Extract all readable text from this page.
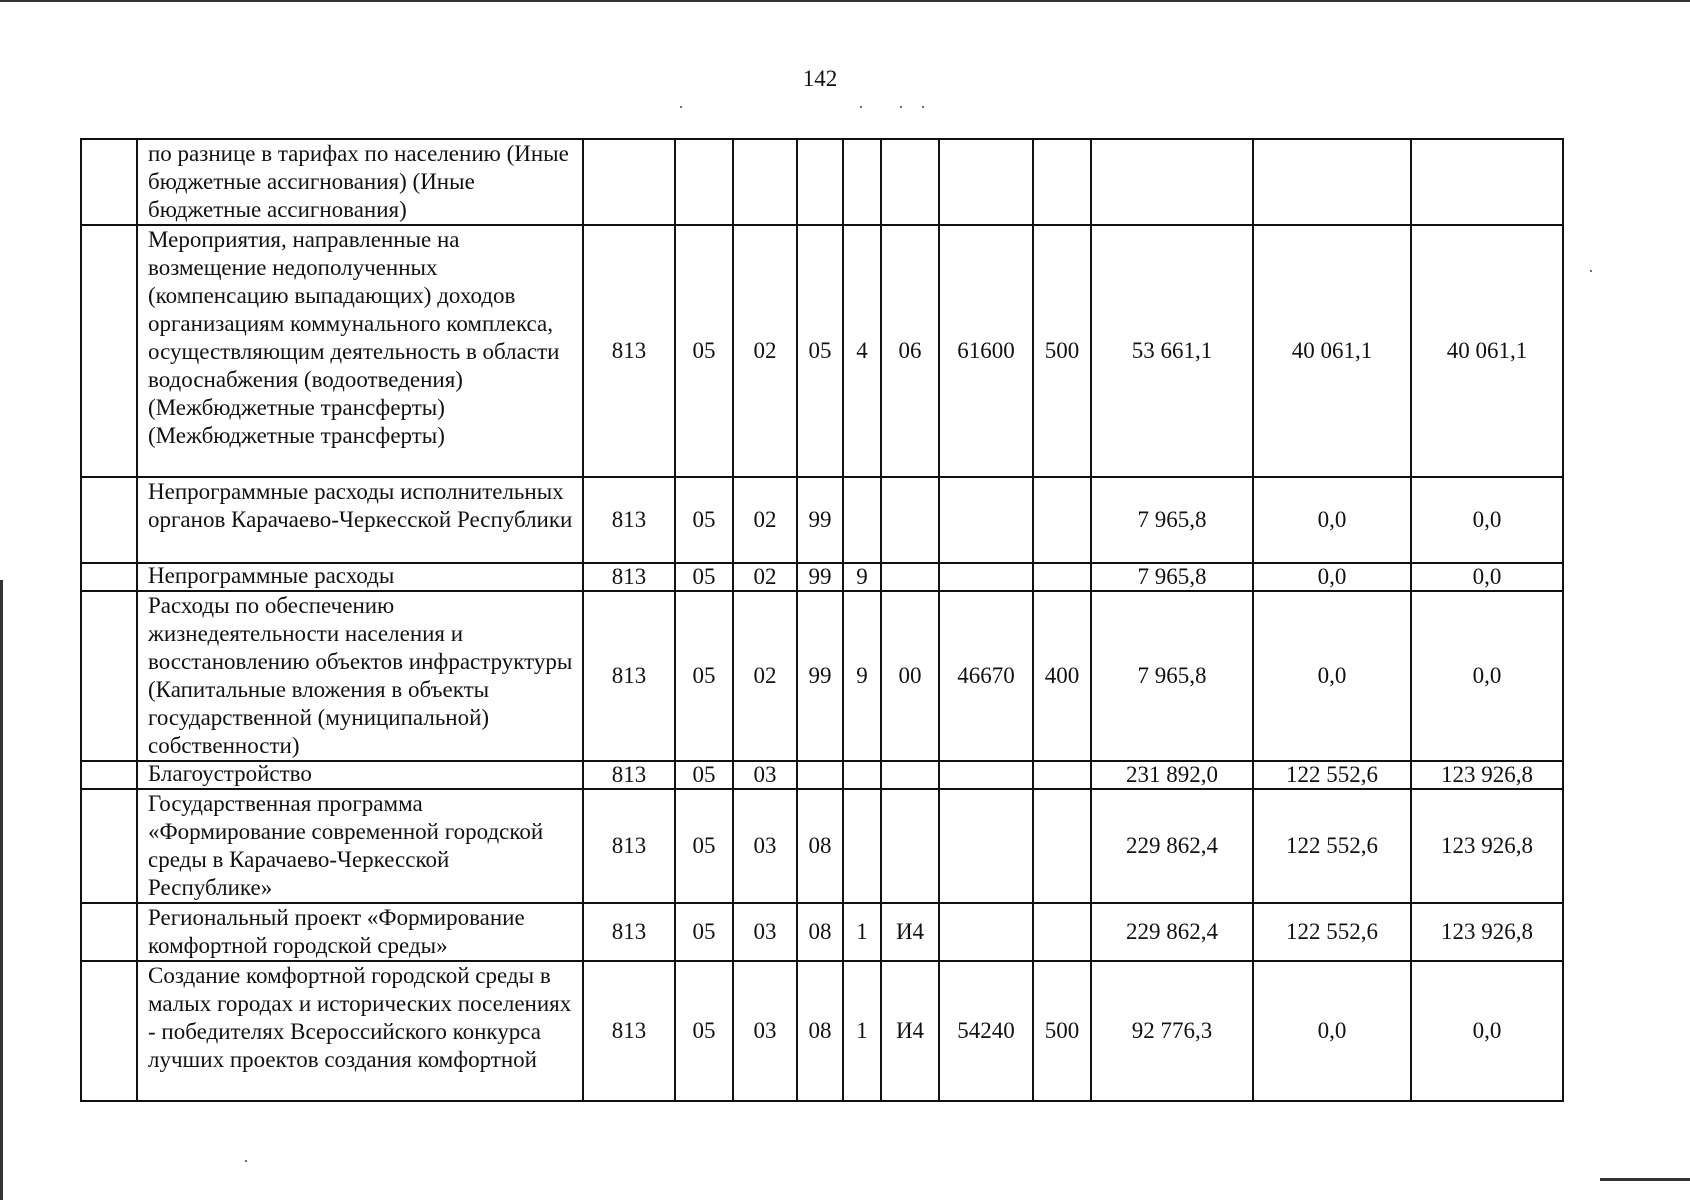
142
	по разнице в тарифах по населению (Иные бюджетные ассигнования) (Иные бюджетные ассигнования)											
	Мероприятия, направленные на возмещение недополученных (компенсацию выпадающих) доходов организациям коммунального комплекса, осуществляющим деятельность в области водоснабжения (водоотведения) (Межбюджетные трансферты) (Межбюджетные трансферты)	813	05	02	05	4	06	61600	500	53 661,1	40 061,1	40 061,1
	Непрограммные расходы исполнительных органов Карачаево-Черкесской Республики	813	05	02	99					7 965,8	0,0	0,0
	Непрограммные расходы	813	05	02	99	9				7 965,8	0,0	0,0
	Расходы по обеспечению жизнедеятельности населения и восстановлению объектов инфраструктуры (Капитальные вложения в объекты государственной (муниципальной) собственности)	813	05	02	99	9	00	46670	400	7 965,8	0,0	0,0
	Благоустройство	813	05	03						231 892,0	122 552,6	123 926,8
	Государственная программа «Формирование современной городской среды в Карачаево-Черкесской Республике»	813	05	03	08					229 862,4	122 552,6	123 926,8
	Региональный проект «Формирование комфортной городской среды»	813	05	03	08	1	И4			229 862,4	122 552,6	123 926,8
	Создание комфортной городской среды в малых городах и исторических поселениях - победителях Всероссийского конкурса лучших проектов создания комфортной	813	05	03	08	1	И4	54240	500	92 776,3	0,0	0,0
